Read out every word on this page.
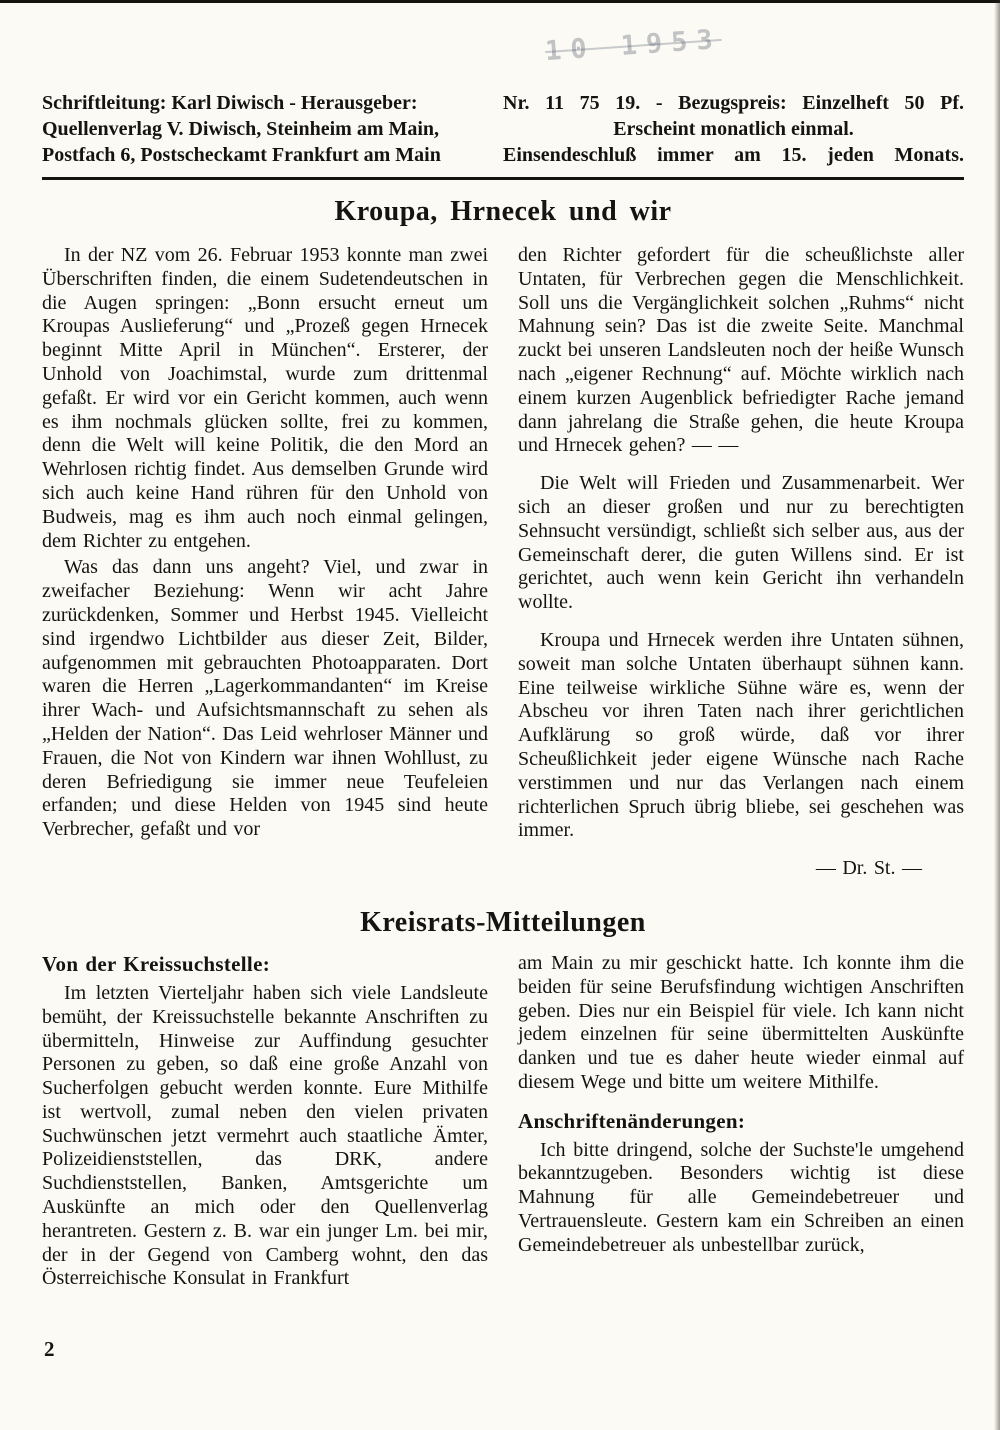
10 1953
Schriftleitung: Karl Diwisch - Herausgeber:
Quellenverlag V. Diwisch, Steinheim am Main,
Postfach 6, Postscheckamt Frankfurt am Main
Nr. 11 75 19. - Bezugspreis: Einzelheft 50 Pf.
Erscheint monatlich einmal.
Einsendeschluß immer am 15. jeden Monats.
Kroupa, Hrnecek und wir

In der NZ vom 26. Februar 1953 konnte man zwei Überschriften finden, die einem Sudetendeutschen in die Augen springen: „Bonn ersucht erneut um Kroupas Auslieferung“ und „Prozeß gegen Hrnecek beginnt Mitte April in München“. Ersterer, der Unhold von Joachimstal, wurde zum drittenmal gefaßt. Er wird vor ein Gericht kommen, auch wenn es ihm nochmals glücken sollte, frei zu kommen, denn die Welt will keine Politik, die den Mord an Wehrlosen richtig findet. Aus demselben Grunde wird sich auch keine Hand rühren für den Unhold von Budweis, mag es ihm auch noch einmal gelingen, dem Richter zu entgehen.

Was das dann uns angeht? Viel, und zwar in zweifacher Beziehung: Wenn wir acht Jahre zurückdenken, Sommer und Herbst 1945. Vielleicht sind irgendwo Lichtbilder aus dieser Zeit, Bilder, aufgenommen mit gebrauchten Photoapparaten. Dort waren die Herren „Lagerkommandanten“ im Kreise ihrer Wach- und Aufsichtsmannschaft zu sehen als „Helden der Nation“. Das Leid wehrloser Männer und Frauen, die Not von Kindern war ihnen Wohllust, zu deren Befriedigung sie immer neue Teufeleien erfanden; und diese Helden von 1945 sind heute Verbrecher, gefaßt und vor

den Richter gefordert für die scheußlichste aller Untaten, für Verbrechen gegen die Menschlichkeit. Soll uns die Vergänglichkeit solchen „Ruhms“ nicht Mahnung sein? Das ist die zweite Seite. Manchmal zuckt bei unseren Landsleuten noch der heiße Wunsch nach „eigener Rechnung“ auf. Möchte wirklich nach einem kurzen Augenblick befriedigter Rache jemand dann jahrelang die Straße gehen, die heute Kroupa und Hrnecek gehen? — —

Die Welt will Frieden und Zusammenarbeit. Wer sich an dieser großen und nur zu berechtigten Sehnsucht versündigt, schließt sich selber aus, aus der Gemeinschaft derer, die guten Willens sind. Er ist gerichtet, auch wenn kein Gericht ihn verhandeln wollte.

Kroupa und Hrnecek werden ihre Untaten sühnen, soweit man solche Untaten überhaupt sühnen kann. Eine teilweise wirkliche Sühne wäre es, wenn der Abscheu vor ihren Taten nach ihrer gerichtlichen Aufklärung so groß würde, daß vor ihrer Scheußlichkeit jeder eigene Wünsche nach Rache verstimmen und nur das Verlangen nach einem richterlichen Spruch übrig bliebe, sei geschehen was immer.

— Dr. St. —
Kreisrats-Mitteilungen
Von der Kreissuchstelle:

Im letzten Vierteljahr haben sich viele Landsleute bemüht, der Kreissuchstelle bekannte Anschriften zu übermitteln, Hinweise zur Auffindung gesuchter Personen zu geben, so daß eine große Anzahl von Sucherfolgen gebucht werden konnte. Eure Mithilfe ist wertvoll, zumal neben den vielen privaten Suchwünschen jetzt vermehrt auch staatliche Ämter, Polizeidienststellen, das DRK, andere Suchdienststellen, Banken, Amtsgerichte um Auskünfte an mich oder den Quellenverlag herantreten. Gestern z. B. war ein junger Lm. bei mir, der in der Gegend von Camberg wohnt, den das Österreichische Konsulat in Frankfurt

am Main zu mir geschickt hatte. Ich konnte ihm die beiden für seine Berufsfindung wichtigen Anschriften geben. Dies nur ein Beispiel für viele. Ich kann nicht jedem einzelnen für seine übermittelten Auskünfte danken und tue es daher heute wieder einmal auf diesem Wege und bitte um weitere Mithilfe.

Anschriftenänderungen:

Ich bitte dringend, solche der Suchste'le umgehend bekanntzugeben. Besonders wichtig ist diese Mahnung für alle Gemeindebetreuer und Vertrauensleute. Gestern kam ein Schreiben an einen Gemeindebetreuer als unbestellbar zurück,

2
